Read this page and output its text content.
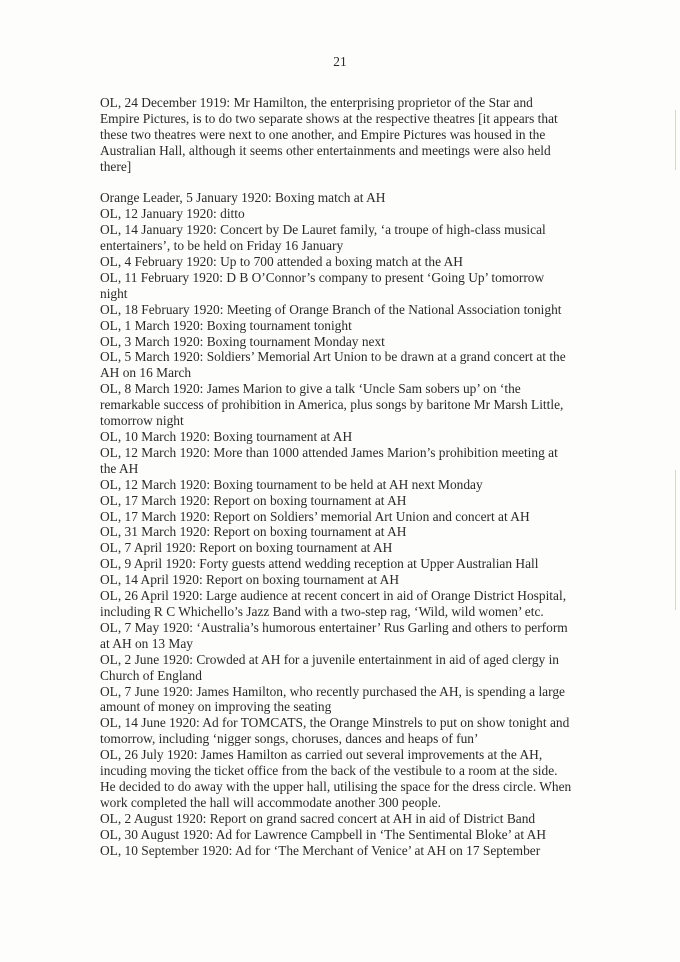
21

OL, 24 December 1919: Mr Hamilton, the enterprising proprietor of the Star and Empire Pictures, is to do two separate shows at the respective theatres [it appears that these two theatres were next to one another, and Empire Pictures was housed in the Australian Hall, although it seems other entertainments and meetings were also held there]

Orange Leader, 5 January 1920: Boxing match at AH

OL, 12 January 1920: ditto

OL, 14 January 1920: Concert by De Lauret family, ‘a troupe of high-class musical entertainers’, to be held on Friday 16 January

OL, 4 February 1920: Up to 700 attended a boxing match at the AH

OL, 11 February 1920: D B O’Connor’s company to present ‘Going Up’ tomorrow night

OL, 18 February 1920: Meeting of Orange Branch of the National Association tonight

OL, 1 March 1920: Boxing tournament tonight

OL, 3 March 1920: Boxing tournament Monday next

OL, 5 March 1920: Soldiers’ Memorial Art Union to be drawn at a grand concert at the AH on 16 March

OL, 8 March 1920: James Marion to give a talk ‘Uncle Sam sobers up’ on ‘the remarkable success of prohibition in America, plus songs by baritone Mr Marsh Little, tomorrow night

OL, 10 March 1920: Boxing tournament at AH

OL, 12 March 1920: More than 1000 attended James Marion’s prohibition meeting at the AH

OL, 12 March 1920: Boxing tournament to be held at AH next Monday

OL, 17 March 1920: Report on boxing tournament at AH

OL, 17 March 1920: Report on Soldiers’ memorial Art Union and concert at AH

OL, 31 March 1920: Report on boxing tournament at AH

OL, 7 April 1920: Report on boxing tournament at AH

OL, 9 April 1920: Forty guests attend wedding reception at Upper Australian Hall

OL, 14 April 1920: Report on boxing tournament at AH

OL, 26 April 1920: Large audience at recent concert in aid of Orange District Hospital, including R C Whichello’s Jazz Band with a two-step rag, ‘Wild, wild women’ etc.

OL, 7 May 1920: ‘Australia’s humorous entertainer’ Rus Garling and others to perform at AH on 13 May

OL, 2 June 1920: Crowded at AH for a juvenile entertainment in aid of aged clergy in Church of England

OL, 7 June 1920: James Hamilton, who recently purchased the AH, is spending a large amount of money on improving the seating

OL, 14 June 1920: Ad for TOMCATS, the Orange Minstrels to put on show tonight and tomorrow, including ‘nigger songs, choruses, dances and heaps of fun’

OL, 26 July 1920: James Hamilton as carried out several improvements at the AH, incuding moving the ticket office from the back of the vestibule to a room at the side. He decided to do away with the upper hall, utilising the space for the dress circle. When work completed the hall will accommodate another 300 people.

OL, 2 August 1920: Report on grand sacred concert at AH in aid of District Band

OL, 30 August 1920: Ad for Lawrence Campbell in ‘The Sentimental Bloke’ at AH

OL, 10 September 1920: Ad for ‘The Merchant of Venice’ at AH on 17 September
